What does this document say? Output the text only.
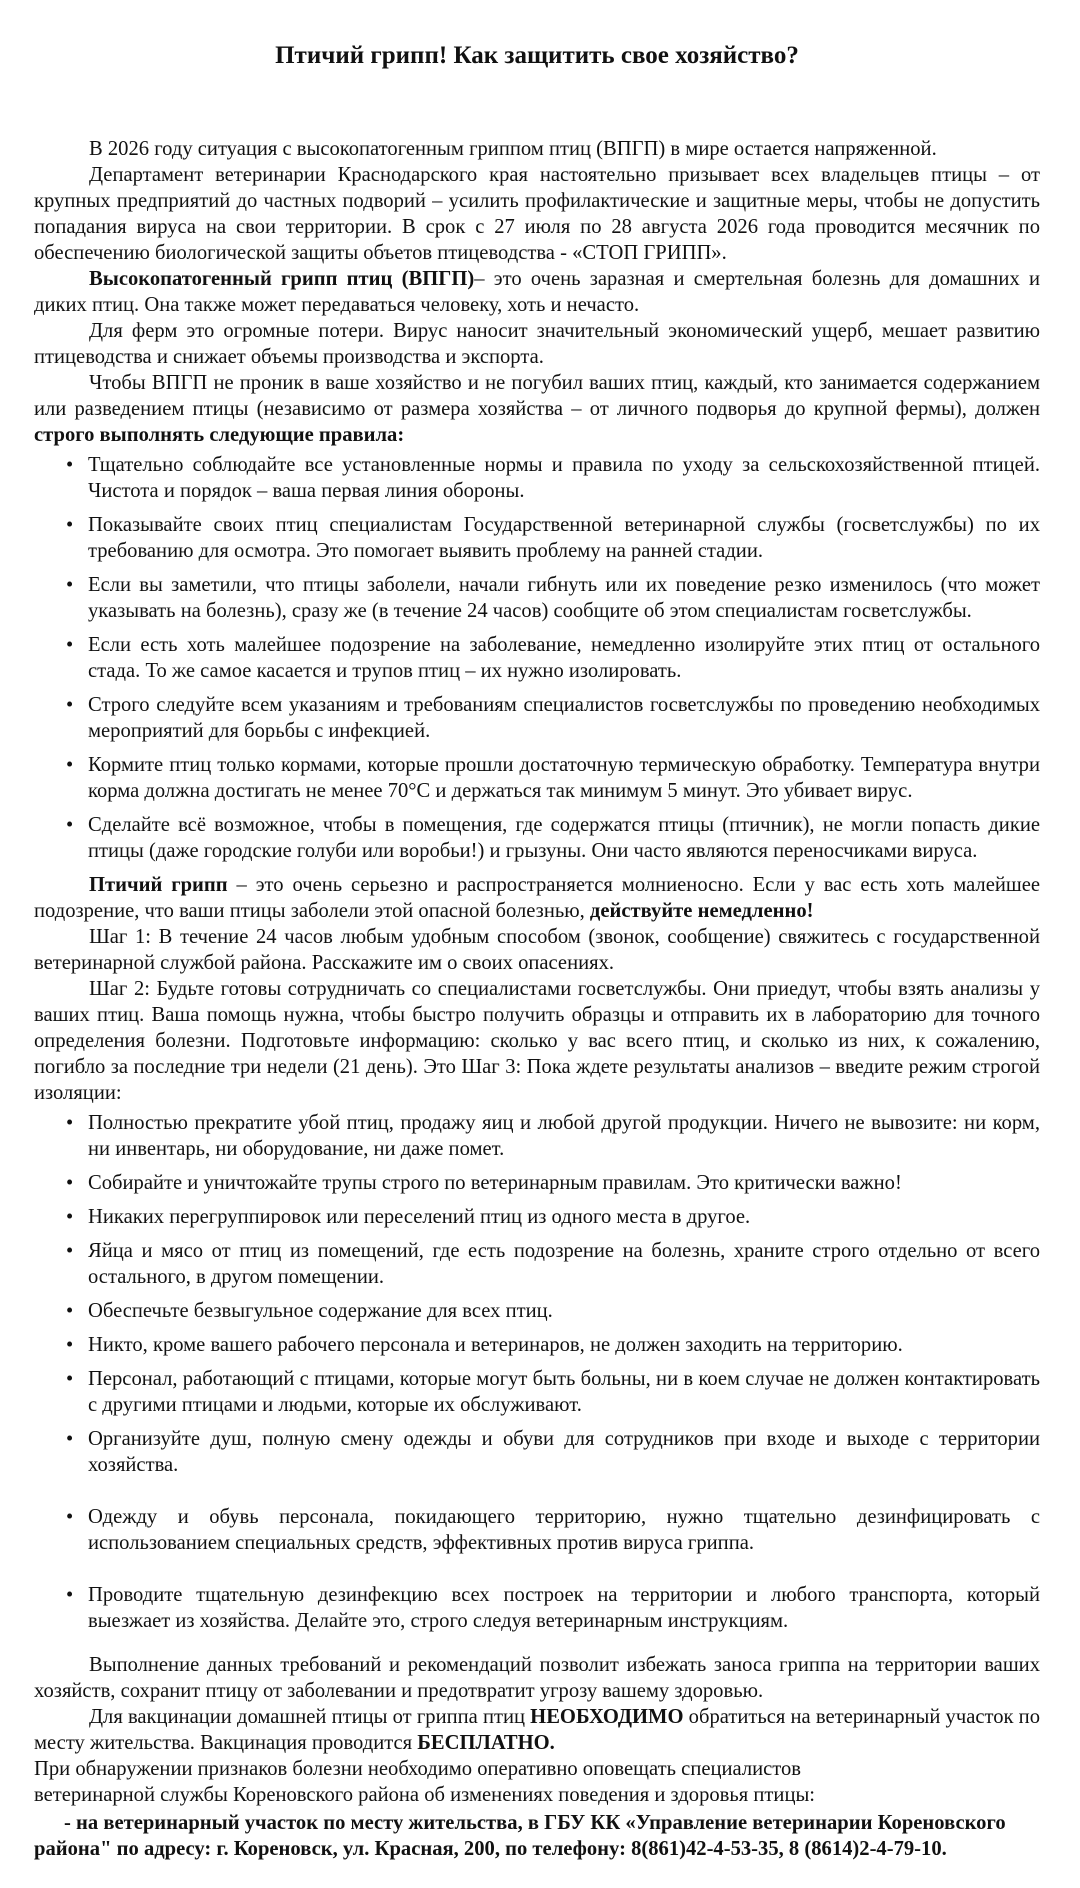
Птичий грипп! Как защитить свое хозяйство?

В 2026 году ситуация с высокопатогенным гриппом птиц (ВПГП) в мире остается напряженной.

Департамент ветеринарии Краснодарского края настоятельно призывает всех владельцев птицы – от крупных предприятий до частных подворий – усилить профилактические и защитные меры, чтобы не допустить попадания вируса на свои территории. В срок с 27 июля по 28 августа 2026 года проводится месячник по обеспечению биологической защиты объетов птицеводства - «СТОП ГРИПП».

Высокопатогенный грипп птиц (ВПГП)– это очень заразная и смертельная болезнь для домашних и диких птиц. Она также может передаваться человеку, хоть и нечасто.

Для ферм это огромные потери. Вирус наносит значительный экономический ущерб, мешает развитию птицеводства и снижает объемы производства и экспорта.

Чтобы ВПГП не проник в ваше хозяйство и не погубил ваших птиц, каждый, кто занимается содержанием или разведением птицы (независимо от размера хозяйства – от личного подворья до крупной фермы), должен строго выполнять следующие правила:

• Тщательно соблюдайте все установленные нормы и правила по уходу за сельскохозяйственной птицей. Чистота и порядок – ваша первая линия обороны.
• Показывайте своих птиц специалистам Государственной ветеринарной службы (госветслужбы) по их требованию для осмотра. Это помогает выявить проблему на ранней стадии.
• Если вы заметили, что птицы заболели, начали гибнуть или их поведение резко изменилось (что может указывать на болезнь), сразу же (в течение 24 часов) сообщите об этом специалистам госветслужбы.
• Если есть хоть малейшее подозрение на заболевание, немедленно изолируйте этих птиц от остального стада. То же самое касается и трупов птиц – их нужно изолировать.
• Строго следуйте всем указаниям и требованиям специалистов госветслужбы по проведению необходимых мероприятий для борьбы с инфекцией.
• Кормите птиц только кормами, которые прошли достаточную термическую обработку. Температура внутри корма должна достигать не менее 70°C и держаться так минимум 5 минут. Это убивает вирус.
• Сделайте всё возможное, чтобы в помещения, где содержатся птицы (птичник), не могли попасть дикие птицы (даже городские голуби или воробьи!) и грызуны. Они часто являются переносчиками вируса.

Птичий грипп – это очень серьезно и распространяется молниеносно. Если у вас есть хоть малейшее подозрение, что ваши птицы заболели этой опасной болезнью, действуйте немедленно!

Шаг 1: В течение 24 часов любым удобным способом (звонок, сообщение) свяжитесь с государственной ветеринарной службой района. Расскажите им о своих опасениях.

Шаг 2: Будьте готовы сотрудничать со специалистами госветслужбы. Они приедут, чтобы взять анализы у ваших птиц. Ваша помощь нужна, чтобы быстро получить образцы и отправить их в лабораторию для точного определения болезни. Подготовьте информацию: сколько у вас всего птиц, и сколько из них, к сожалению, погибло за последние три недели (21 день). Это Шаг 3: Пока ждете результаты анализов – введите режим строгой изоляции:

• Полностью прекратите убой птиц, продажу яиц и любой другой продукции. Ничего не вывозите: ни корм, ни инвентарь, ни оборудование, ни даже помет.
• Собирайте и уничтожайте трупы строго по ветеринарным правилам. Это критически важно!
• Никаких перегруппировок или переселений птиц из одного места в другое.
• Яйца и мясо от птиц из помещений, где есть подозрение на болезнь, храните строго отдельно от всего остального, в другом помещении.
• Обеспечьте безвыгульное содержание для всех птиц.
• Никто, кроме вашего рабочего персонала и ветеринаров, не должен заходить на территорию.
• Персонал, работающий с птицами, которые могут быть больны, ни в коем случае не должен контактировать с другими птицами и людьми, которые их обслуживают.
• Организуйте душ, полную смену одежды и обуви для сотрудников при входе и выходе с территории хозяйства.
• Одежду и обувь персонала, покидающего территорию, нужно тщательно дезинфицировать с использованием специальных средств, эффективных против вируса гриппа.
• Проводите тщательную дезинфекцию всех построек на территории и любого транспорта, который выезжает из хозяйства. Делайте это, строго следуя ветеринарным инструкциям.

Выполнение данных требований и рекомендаций позволит избежать заноса гриппа на территории ваших хозяйств, сохранит птицу от заболевании и предотвратит угрозу вашему здоровью.

Для вакцинации домашней птицы от гриппа птиц НЕОБХОДИМО обратиться на ветеринарный участок по месту жительства. Вакцинация проводится БЕСПЛАТНО.

При обнаружении признаков болезни необходимо оперативно оповещать специалистов ветеринарной службы Кореновского района об изменениях поведения и здоровья птицы:

- на ветеринарный участок по месту жительства, в ГБУ КК «Управление ветеринарии Кореновского района" по адресу: г. Кореновск, ул. Красная, 200, по телефону: 8(861)42-4-53-35, 8 (8614)2-4-79-10.
